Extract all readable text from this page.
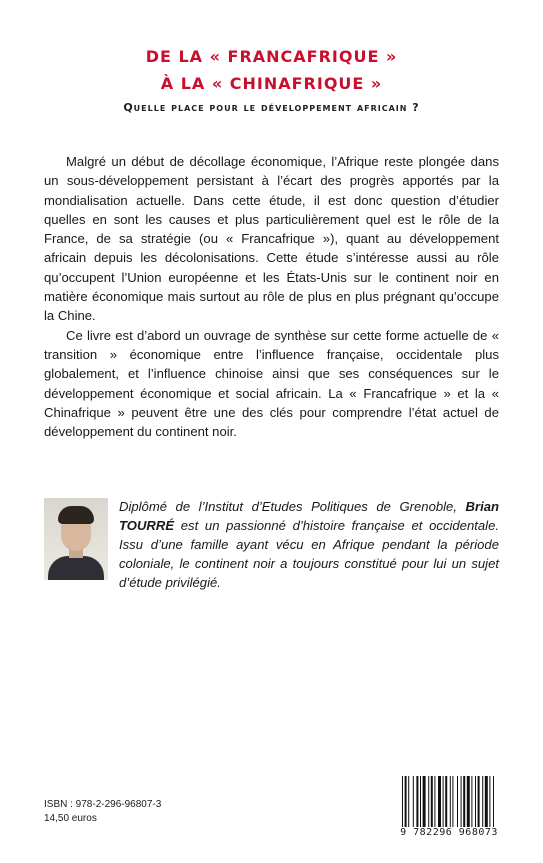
DE LA « FRANCAFRIQUE »
À LA « CHINAFRIQUE »
Quelle place pour le développement africain ?

Malgré un début de décollage économique, l’Afrique reste plongée dans un sous-développement persistant à l’écart des progrès apportés par la mondialisation actuelle. Dans cette étude, il est donc question d’étudier quelles en sont les causes et plus particulièrement quel est le rôle de la France, de sa stratégie (ou « Francafrique »), quant au développement africain depuis les décolonisations. Cette étude s’intéresse aussi au rôle qu’occupent l’Union européenne et les États-Unis sur le continent noir en matière économique mais surtout au rôle de plus en plus prégnant qu’occupe la Chine.

Ce livre est d’abord un ouvrage de synthèse sur cette forme actuelle de « transition » économique entre l’influence française, occidentale plus globalement, et l’influence chinoise ainsi que ses conséquences sur le développement économique et social africain. La « Francafrique » et la « Chinafrique » peuvent être une des clés pour comprendre l’état actuel de développement du continent noir.

Diplômé de l’Institut d’Etudes Politiques de Grenoble, Brian TOURRÉ est un passionné d’histoire française et occidentale. Issu d’une famille ayant vécu en Afrique pendant la période coloniale, le continent noir a toujours constitué pour lui un sujet d’étude privilégié.
ISBN : 978-2-296-96807-3
14,50 euros
9 782296 968073
